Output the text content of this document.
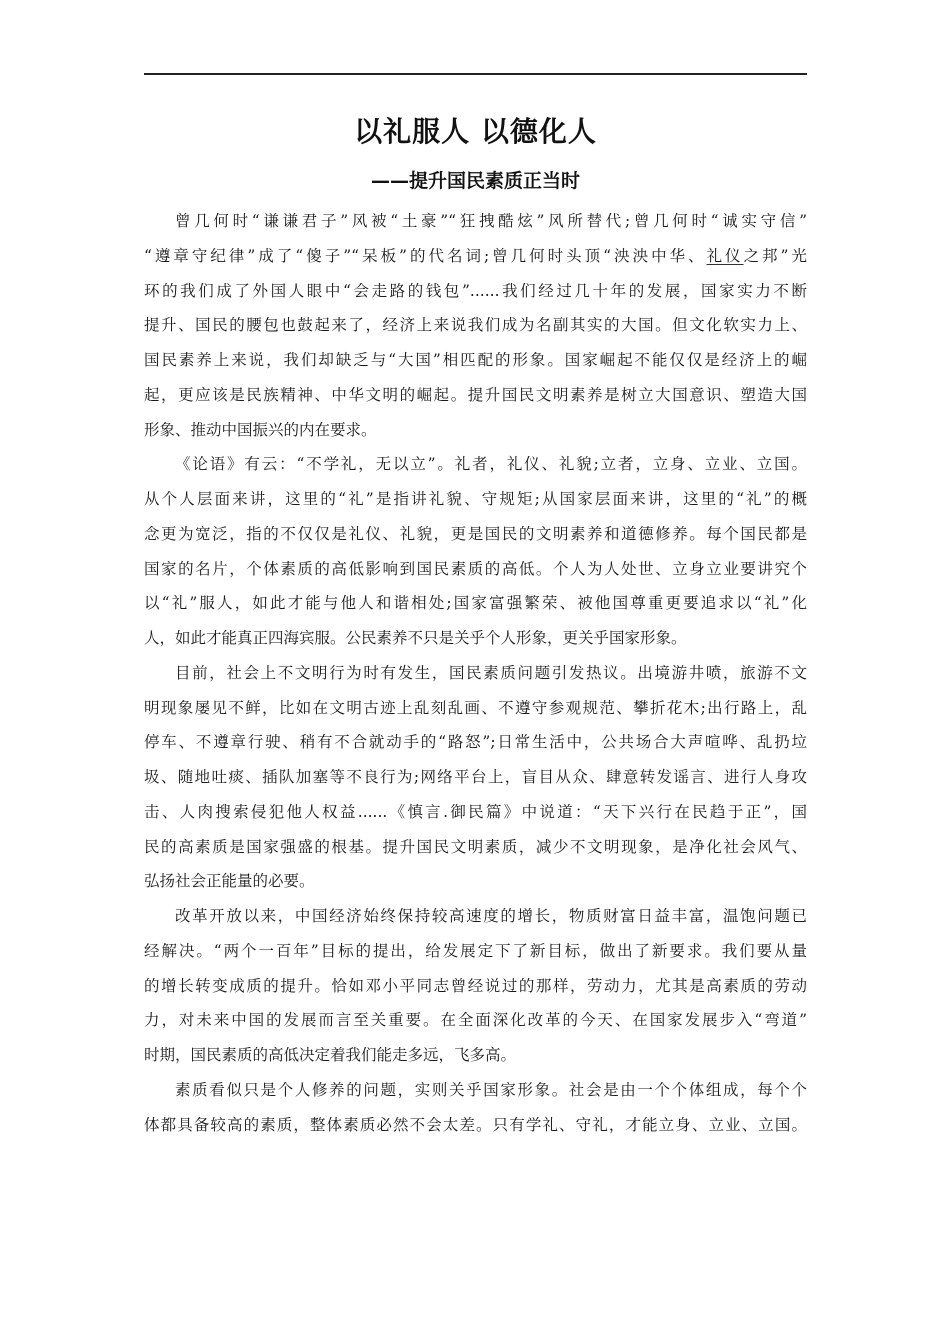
以礼服人 以德化人
——提升国民素质正当时
曾几何时“谦谦君子”风被“土豪”“狂拽酷炫”风所替代;曾几何时“诚实守信”
“遵章守纪律”成了“傻子”“呆板”的代名词;曾几何时头顶“泱泱中华、礼仪之邦”光
环的我们成了外国人眼中“会走路的钱包”......我们经过几十年的发展，国家实力不断
提升、国民的腰包也鼓起来了，经济上来说我们成为名副其实的大国。但文化软实力上、
国民素养上来说，我们却缺乏与“大国”相匹配的形象。国家崛起不能仅仅是经济上的崛
起，更应该是民族精神、中华文明的崛起。提升国民文明素养是树立大国意识、塑造大国
形象、推动中国振兴的内在要求。
《论语》有云：“不学礼，无以立”。礼者，礼仪、礼貌;立者，立身、立业、立国。
从个人层面来讲，这里的“礼”是指讲礼貌、守规矩;从国家层面来讲，这里的“礼”的概
念更为宽泛，指的不仅仅是礼仪、礼貌，更是国民的文明素养和道德修养。每个国民都是
国家的名片，个体素质的高低影响到国民素质的高低。个人为人处世、立身立业要讲究个
以“礼”服人，如此才能与他人和谐相处;国家富强繁荣、被他国尊重更要追求以“礼”化
人，如此才能真正四海宾服。公民素养不只是关乎个人形象，更关乎国家形象。
目前，社会上不文明行为时有发生，国民素质问题引发热议。出境游井喷，旅游不文
明现象屡见不鲜，比如在文明古迹上乱刻乱画、不遵守参观规范、攀折花木;出行路上，乱
停车、不遵章行驶、稍有不合就动手的“路怒”;日常生活中，公共场合大声喧哗、乱扔垃
圾、随地吐痰、插队加塞等不良行为;网络平台上，盲目从众、肆意转发谣言、进行人身攻
击、人肉搜索侵犯他人权益......《慎言.御民篇》中说道：“天下兴行在民趋于正”，国
民的高素质是国家强盛的根基。提升国民文明素质，减少不文明现象，是净化社会风气、
弘扬社会正能量的必要。
改革开放以来，中国经济始终保持较高速度的增长，物质财富日益丰富，温饱问题已
经解决。“两个一百年”目标的提出，给发展定下了新目标，做出了新要求。我们要从量
的增长转变成质的提升。恰如邓小平同志曾经说过的那样，劳动力，尤其是高素质的劳动
力，对未来中国的发展而言至关重要。在全面深化改革的今天、在国家发展步入“弯道”
时期，国民素质的高低决定着我们能走多远，飞多高。
素质看似只是个人修养的问题，实则关乎国家形象。社会是由一个个体组成，每个个
体都具备较高的素质，整体素质必然不会太差。只有学礼、守礼，才能立身、立业、立国。
